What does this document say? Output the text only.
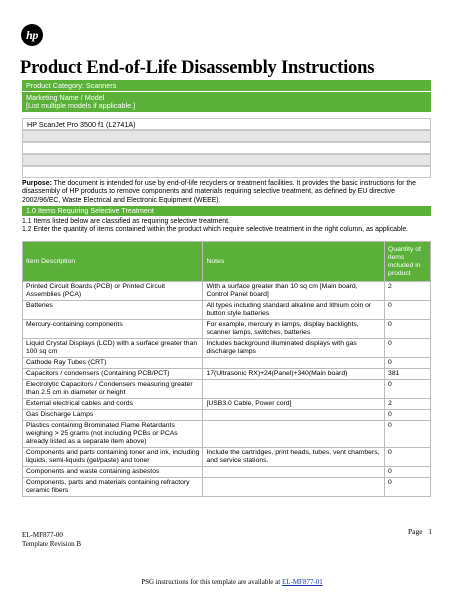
hp
Product End-of-Life Disassembly Instructions
Product Category: Scanners
Marketing Name / Model
[List multiple models if applicable.]
HP ScanJet Pro 3500 f1 (L2741A)
Purpose: The document is intended for use by end-of-life recyclers or treatment facilities. It provides the basic instructions for the disassembly of HP products to remove components and materials requiring selective treatment, as defined by EU directive 2002/96/EC, Waste Electrical and Electronic Equipment (WEEE).
1.0 Items Requiring Selective Treatment
1.1 Items listed below are classified as requiring selective treatment.
1.2 Enter the quantity of items contained within the product which require selective treatment in the right column, as applicable.
Item Description	Notes	Quantity of items included in product
Printed Circuit Boards (PCB) or Printed Circuit Assemblies (PCA)	With a surface greater than 10 sq cm [Main board, Control Panel board]	2
Batteries	All types including standard alkaline and lithium coin or button style batteries	0
Mercury-containing components	For example, mercury in lamps, display backlights, scanner lamps, switches, batteries	0
Liquid Crystal Displays (LCD) with a surface greater than 100 sq cm	Includes background illuminated displays with gas discharge lamps	0
Cathode Ray Tubes (CRT)		0
Capacitors / condensers (Containing PCB/PCT)	17(Ultrasonic RX)+24(Panel)+340(Main board)	381
Electrolytic Capacitors / Condensers measuring greater than 2.5 cm in diameter or height		0
External electrical cables and cords	[USB3.0 Cable, Power cord]	2
Gas Discharge Lamps		0
Plastics containing Brominated Flame Retardants weighing > 25 grams (not including PCBs or PCAs already listed as a separate item above)		0
Components and parts containing toner and ink, including liquids, semi-liquids (gel/paste) and toner	Include the cartridges, print heads, tubes, vent chambers, and service stations.	0
Components and waste containing asbestos		0
Components, parts and materials containing refractory ceramic fibers		0
Page 1
EL-MF877-00
Template Revision B
PSG instructions for this template are available at EL-MF877-01
